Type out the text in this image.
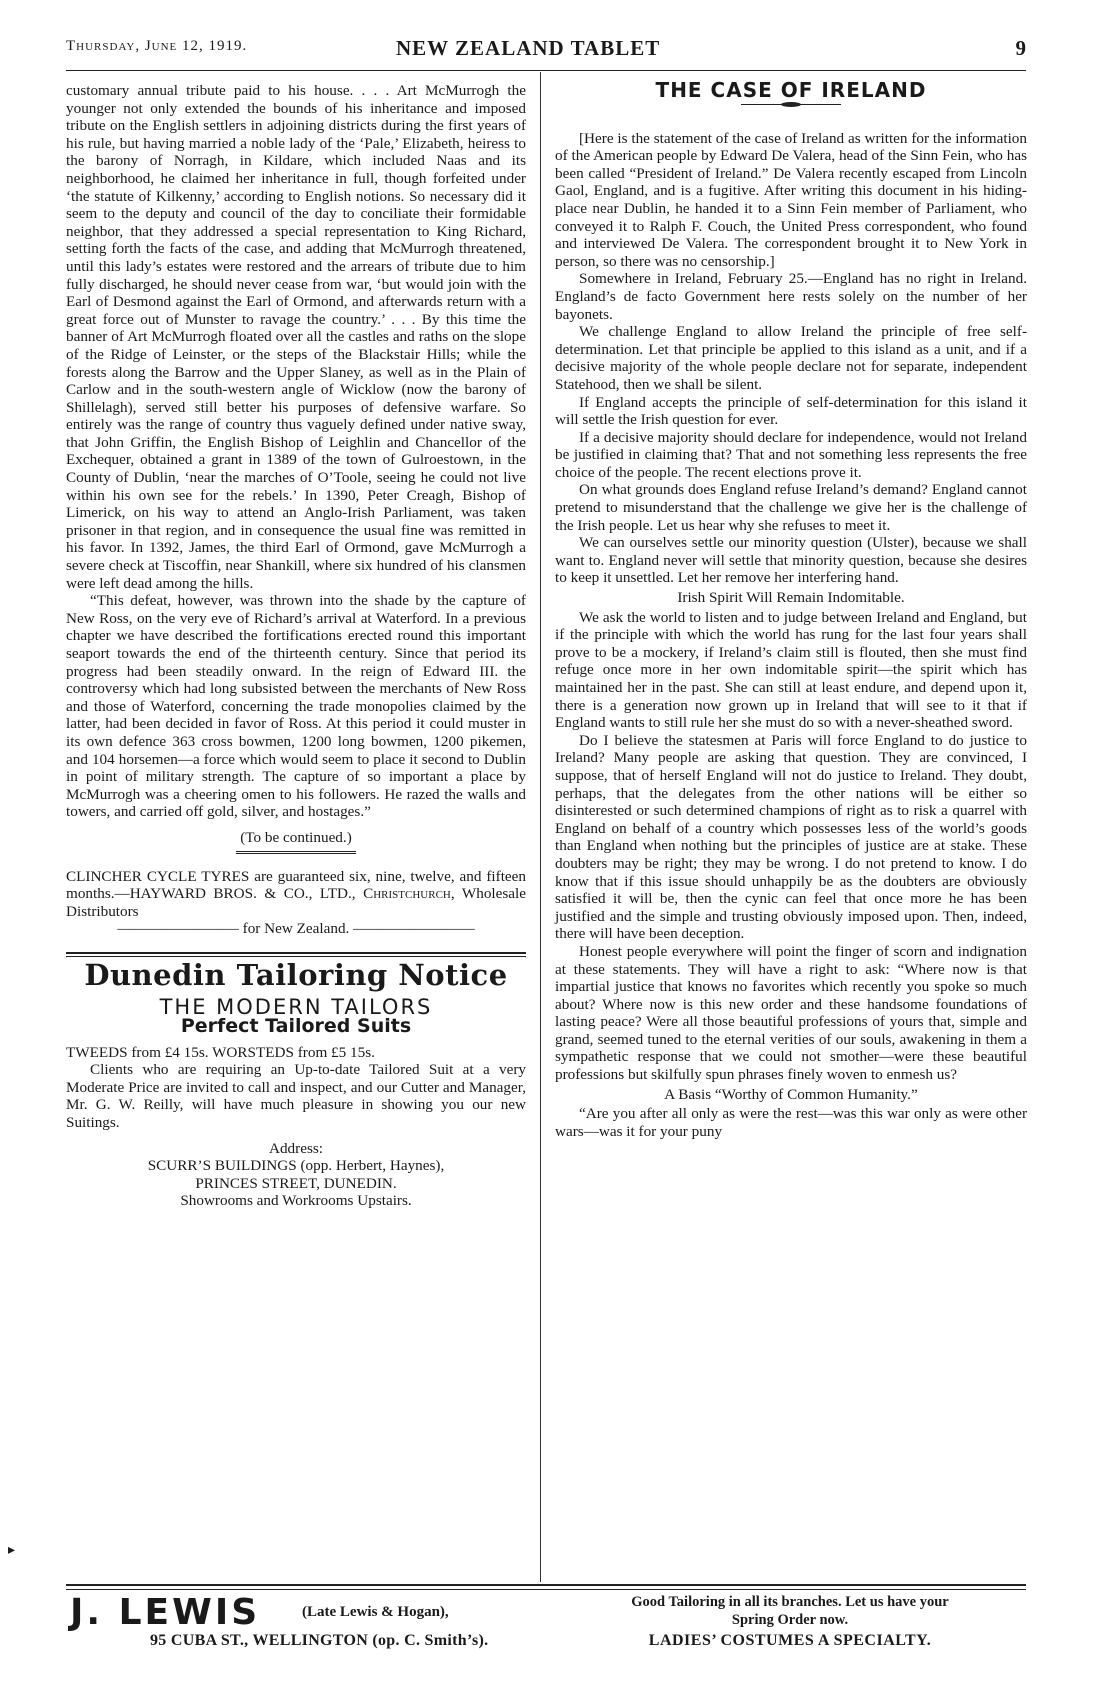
Thursday, June 12, 1919.	NEW ZEALAND TABLET	9

customary annual tribute paid to his house. . . . Art McMurrogh the younger not only extended the bounds of his inheritance and imposed tribute on the English settlers in adjoining districts during the first years of his rule, but having married a noble lady of the ‘Pale,’ Elizabeth, heiress to the barony of Norragh, in Kildare, which included Naas and its neighborhood, he claimed her inheritance in full, though forfeited under ‘the statute of Kilkenny,’ according to English notions. So necessary did it seem to the deputy and council of the day to conciliate their formidable neighbor, that they addressed a special representation to King Richard, setting forth the facts of the case, and adding that McMurrogh threatened, until this lady’s estates were restored and the arrears of tribute due to him fully discharged, he should never cease from war, ‘but would join with the Earl of Desmond against the Earl of Ormond, and afterwards return with a great force out of Munster to ravage the country.’ . . . By this time the banner of Art McMurrogh floated over all the castles and raths on the slope of the Ridge of Leinster, or the steps of the Blackstair Hills; while the forests along the Barrow and the Upper Slaney, as well as in the Plain of Carlow and in the south-western angle of Wicklow (now the barony of Shillelagh), served still better his purposes of defensive warfare. So entirely was the range of country thus vaguely defined under native sway, that John Griffin, the English Bishop of Leighlin and Chancellor of the Exchequer, obtained a grant in 1389 of the town of Gulroestown, in the County of Dublin, ‘near the marches of O’Toole, seeing he could not live within his own see for the rebels.’ In 1390, Peter Creagh, Bishop of Limerick, on his way to attend an Anglo-Irish Parliament, was taken prisoner in that region, and in consequence the usual fine was remitted in his favor. In 1392, James, the third Earl of Ormond, gave McMurrogh a severe check at Tiscoffin, near Shankill, where six hundred of his clansmen were left dead among the hills.

“This defeat, however, was thrown into the shade by the capture of New Ross, on the very eve of Richard’s arrival at Waterford. In a previous chapter we have described the fortifications erected round this important seaport towards the end of the thirteenth century. Since that period its progress had been steadily onward. In the reign of Edward III. the controversy which had long subsisted between the merchants of New Ross and those of Waterford, concerning the trade monopolies claimed by the latter, had been decided in favor of Ross. At this period it could muster in its own defence 363 cross bowmen, 1200 long bowmen, 1200 pikemen, and 104 horsemen—a force which would seem to place it second to Dublin in point of military strength. The capture of so important a place by McMurrogh was a cheering omen to his followers. He razed the walls and towers, and carried off gold, silver, and hostages.”

(To be continued.)

CLINCHER CYCLE TYRES are guaranteed six, nine, twelve, and fifteen months.—HAYWARD BROS. & CO., LTD., Christchurch, Wholesale Distributors

———————— for New Zealand. ————————

Dunedin Tailoring Notice
THE MODERN TAILORS
Perfect Tailored Suits

TWEEDS from £4 15s. WORSTEDS from £5 15s.

Clients who are requiring an Up-to-date Tailored Suit at a very Moderate Price are invited to call and inspect, and our Cutter and Manager, Mr. G. W. Reilly, will have much pleasure in showing you our new Suitings.

Address:

SCURR’S BUILDINGS (opp. Herbert, Haynes),

PRINCES STREET, DUNEDIN.

Showrooms and Workrooms Upstairs.

THE CASE OF IRELAND

[Here is the statement of the case of Ireland as written for the information of the American people by Edward De Valera, head of the Sinn Fein, who has been called “President of Ireland.” De Valera recently escaped from Lincoln Gaol, England, and is a fugitive. After writing this document in his hiding-place near Dublin, he handed it to a Sinn Fein member of Parliament, who conveyed it to Ralph F. Couch, the United Press correspondent, who found and interviewed De Valera. The correspondent brought it to New York in person, so there was no censorship.]

Somewhere in Ireland, February 25.—England has no right in Ireland. England’s de facto Government here rests solely on the number of her bayonets.

We challenge England to allow Ireland the principle of free self-determination. Let that principle be applied to this island as a unit, and if a decisive majority of the whole people declare not for separate, independent Statehood, then we shall be silent.

If England accepts the principle of self-determination for this island it will settle the Irish question for ever.

If a decisive majority should declare for independence, would not Ireland be justified in claiming that? That and not something less represents the free choice of the people. The recent elections prove it.

On what grounds does England refuse Ireland’s demand? England cannot pretend to misunderstand that the challenge we give her is the challenge of the Irish people. Let us hear why she refuses to meet it.

We can ourselves settle our minority question (Ulster), because we shall want to. England never will settle that minority question, because she desires to keep it unsettled. Let her remove her interfering hand.

Irish Spirit Will Remain Indomitable.

We ask the world to listen and to judge between Ireland and England, but if the principle with which the world has rung for the last four years shall prove to be a mockery, if Ireland’s claim still is flouted, then she must find refuge once more in her own indomitable spirit—the spirit which has maintained her in the past. She can still at least endure, and depend upon it, there is a generation now grown up in Ireland that will see to it that if England wants to still rule her she must do so with a never-sheathed sword.

Do I believe the statesmen at Paris will force England to do justice to Ireland? Many people are asking that question. They are convinced, I suppose, that of herself England will not do justice to Ireland. They doubt, perhaps, that the delegates from the other nations will be either so disinterested or such determined champions of right as to risk a quarrel with England on behalf of a country which possesses less of the world’s goods than England when nothing but the principles of justice are at stake. These doubters may be right; they may be wrong. I do not pretend to know. I do know that if this issue should unhappily be as the doubters are obviously satisfied it will be, then the cynic can feel that once more he has been justified and the simple and trusting obviously imposed upon. Then, indeed, there will have been deception.

Honest people everywhere will point the finger of scorn and indignation at these statements. They will have a right to ask: “Where now is that impartial justice that knows no favorites which recently you spoke so much about? Where now is this new order and these handsome foundations of lasting peace? Were all those beautiful professions of yours that, simple and grand, seemed tuned to the eternal verities of our souls, awakening in them a sympathetic response that we could not smother—were these beautiful professions but skilfully spun phrases finely woven to enmesh us?

A Basis “Worthy of Common Humanity.”

“Are you after all only as were the rest—was this war only as were other wars—was it for your puny

J. LEWIS	(Late Lewis & Hogan),
95 CUBA ST., WELLINGTON (op. C. Smith’s).
Good Tailoring in all its branches. Let us have your
Spring Order now.
LADIES’ COSTUMES A SPECIALTY.
▸
